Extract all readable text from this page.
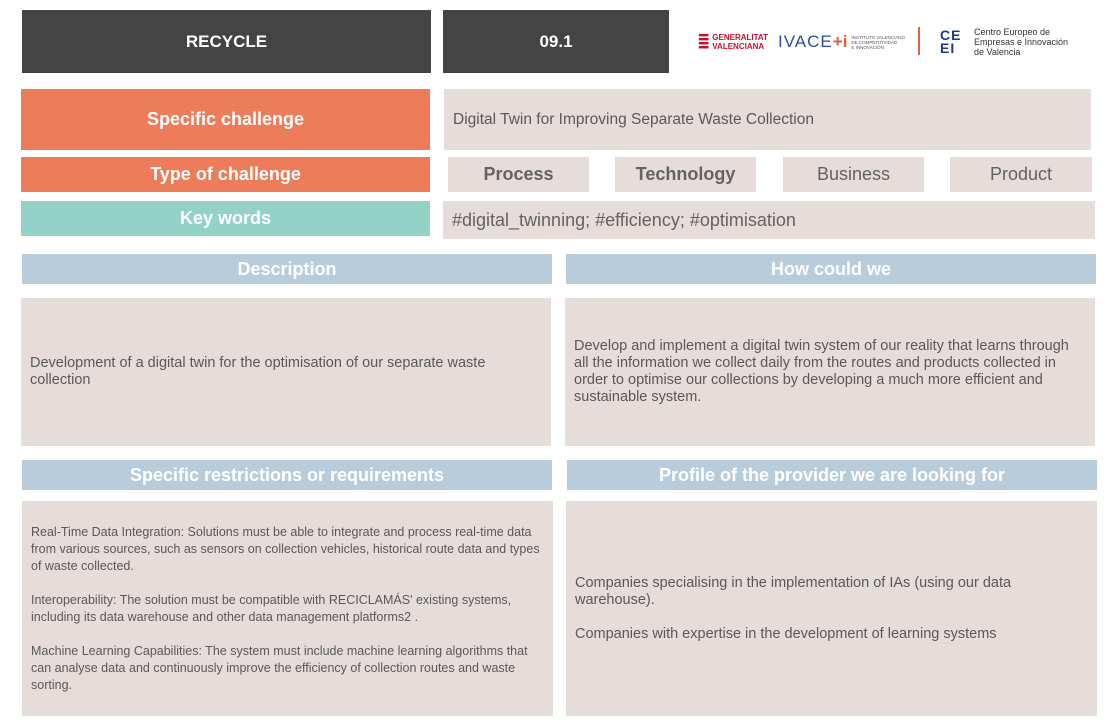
RECYCLE	09.1	GENERALITAT
VALENCIANA IVACE +i INSTITUTO VALENCIANO
DE COMPETITIVIDAD
E INNOVACIÓN
CE
EI
Centro Europeo de
Empresas e Innovación
de Valencia
Specific challenge	Digital Twin for Improving Separate Waste Collection
Type of challenge	Process	Technology	Business	Product
Key words	#digital_twinning; #efficiency; #optimisation
Description	How could we
Development of a digital twin for the optimisation of our separate waste collection
Develop and implement a digital twin system of our reality that learns through all the information we collect daily from the routes and products collected in order to optimise our collections by developing a much more efficient and sustainable system.
Specific restrictions or requirements	Profile of the provider we are looking for
Real-Time Data Integration: Solutions must be able to integrate and process real-time data from various sources, such as sensors on collection vehicles, historical route data and types of waste collected.
Interoperability: The solution must be compatible with RECICLAMÁS' existing systems, including its data warehouse and other data management platforms2 .
Machine Learning Capabilities: The system must include machine learning algorithms that can analyse data and continuously improve the efficiency of collection routes and waste sorting.
Companies specialising in the implementation of IAs (using our data warehouse).
Companies with expertise in the development of learning systems
